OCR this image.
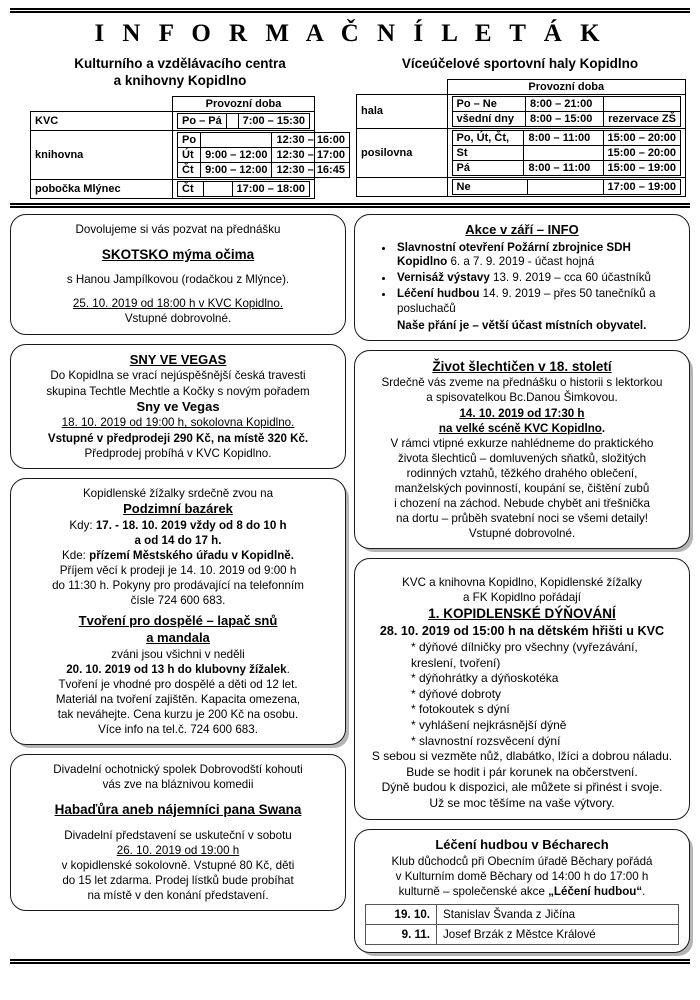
I N F O R M A Č N Í L E T Á K
Kulturního a vzdělávacího centra
a knihovny Kopidlno
	Provozní doba
KVC		Po – Pá		7:00 – 15:30

knihovna	
Po		12:30 – 16:00
Út	9:00 – 12:00	12:30 – 17:00
Čt	9:00 – 12:00	12:30 – 16:45

pobočka Mlýnec		Čt		17:00 – 18:00
Víceúčelové sportovní haly Kopidlno
	Provozní doba
hala	
Po – Ne	8:00 – 21:00	
všední dny	8:00 – 15:00	rezervace ZŠ

posilovna	
Po, Út, Čt,	8:00 – 11:00	15:00 – 20:00
St		15:00 – 20:00
Pá	8:00 – 11:00	15:00 – 19:00

Ne		17:00 – 19:00

Dovolujeme si vás pozvat na přednášku

SKOTSKO mýma očima

s Hanou Jampílkovou (rodačkou z Mlýnce).

25. 10. 2019 od 18:00 h v KVC Kopidlno.

Vstupné dobrovolné.

SNY VE VEGAS

Do Kopidlna se vrací nejúspěšnější česká travesti

skupina Techtle Mechtle a Kočky s novým pořadem

Sny ve Vegas

18. 10. 2019 od 19:00 h, sokolovna Kopidlno.

Vstupné v předprodeji 290 Kč, na místě 320 Kč.

Předprodej probíhá v KVC Kopidlno.

Kopidlenské žížalky srdečně zvou na

Podzimní bazárek

Kdy: 17. - 18. 10. 2019 vždy od 8 do 10 h

a od 14 do 17 h.

Kde: přízemí Městského úřadu v Kopidlně.

Příjem věcí k prodeji je 14. 10. 2019 od 9:00 h

do 11:30 h. Pokyny pro prodávající na telefonním

čísle 724 600 683.

Tvoření pro dospělé – lapač snů

a mandala

zváni jsou všichni v neděli

20. 10. 2019 od 13 h do klubovny žížalek.

Tvoření je vhodné pro dospělé a děti od 12 let.

Materiál na tvoření zajištěn. Kapacita omezena,

tak neváhejte. Cena kurzu je 200 Kč na osobu.

Více info na tel.č. 724 600 683.

Divadelní ochotnický spolek Dobrovodští kohouti

vás zve na bláznivou komedii

Habaďůra aneb nájemníci pana Swana

Divadelní představení se uskuteční v sobotu

26. 10. 2019 od 19:00 h

v kopidlenské sokolovně. Vstupné 80 Kč, děti

do 15 let zdarma. Prodej lístků bude probíhat

na místě v den konání představení.

Akce v září – INFO

• Slavnostní otevření Požární zbrojnice SDH Kopidlno 6. a 7. 9. 2019 - účast hojná
• Vernisáž výstavy 13. 9. 2019 – cca 60 účastníků
• Léčení hudbou 14. 9. 2019 – přes 50 tanečníků a posluchačů

Naše přání je – větší účast místních obyvatel.

Život šlechtičen v 18. století

Srdečně vás zveme na přednášku o historii s lektorkou

a spisovatelkou Bc.Danou Šimkovou.

14. 10. 2019 od 17:30 h

na velké scéně KVC Kopidlno.

V rámci vtipné exkurze nahlédneme do praktického

života šlechticů – domluvených sňatků, složitých

rodinných vztahů, těžkého drahého oblečení,

manželských povinností, koupání se, čištění zubů

i chození na záchod. Nebude chybět ani třešnička

na dortu – průběh svatební noci se všemi detaily!

Vstupné dobrovolné.

KVC a knihovna Kopidlno, Kopidlenské žížalky

a FK Kopidlno pořádají

1. KOPIDLENSKÉ DÝŇOVÁNÍ

28. 10. 2019 od 15:00 h na dětském hřišti u KVC

* dýňové dílničky pro všechny (vyřezávání,
kreslení, tvoření)
* dýňohrátky a dýňoskotéka
* dýňové dobroty
* fotokoutek s dýní
* vyhlášení nejkrásnější dýně
* slavnostní rozsvěcení dýní

S sebou si vezměte nůž, dlabátko, lžíci a dobrou náladu.

Bude se hodit i pár korunek na občerstvení.

Dýně budou k dispozici, ale můžete si přinést i svoje.

Už se moc těšíme na vaše výtvory.

Léčení hudbou v Bécharech

Klub důchodců při Obecním úřadě Běchary pořádá

v Kulturním domě Běchary od 14:00 h do 17:00 h

kulturně – společenské akce „Léčení hudbou“.

19. 10.	Stanislav Švanda z Jičína
9. 11.	Josef Brzák z Městce Králové
